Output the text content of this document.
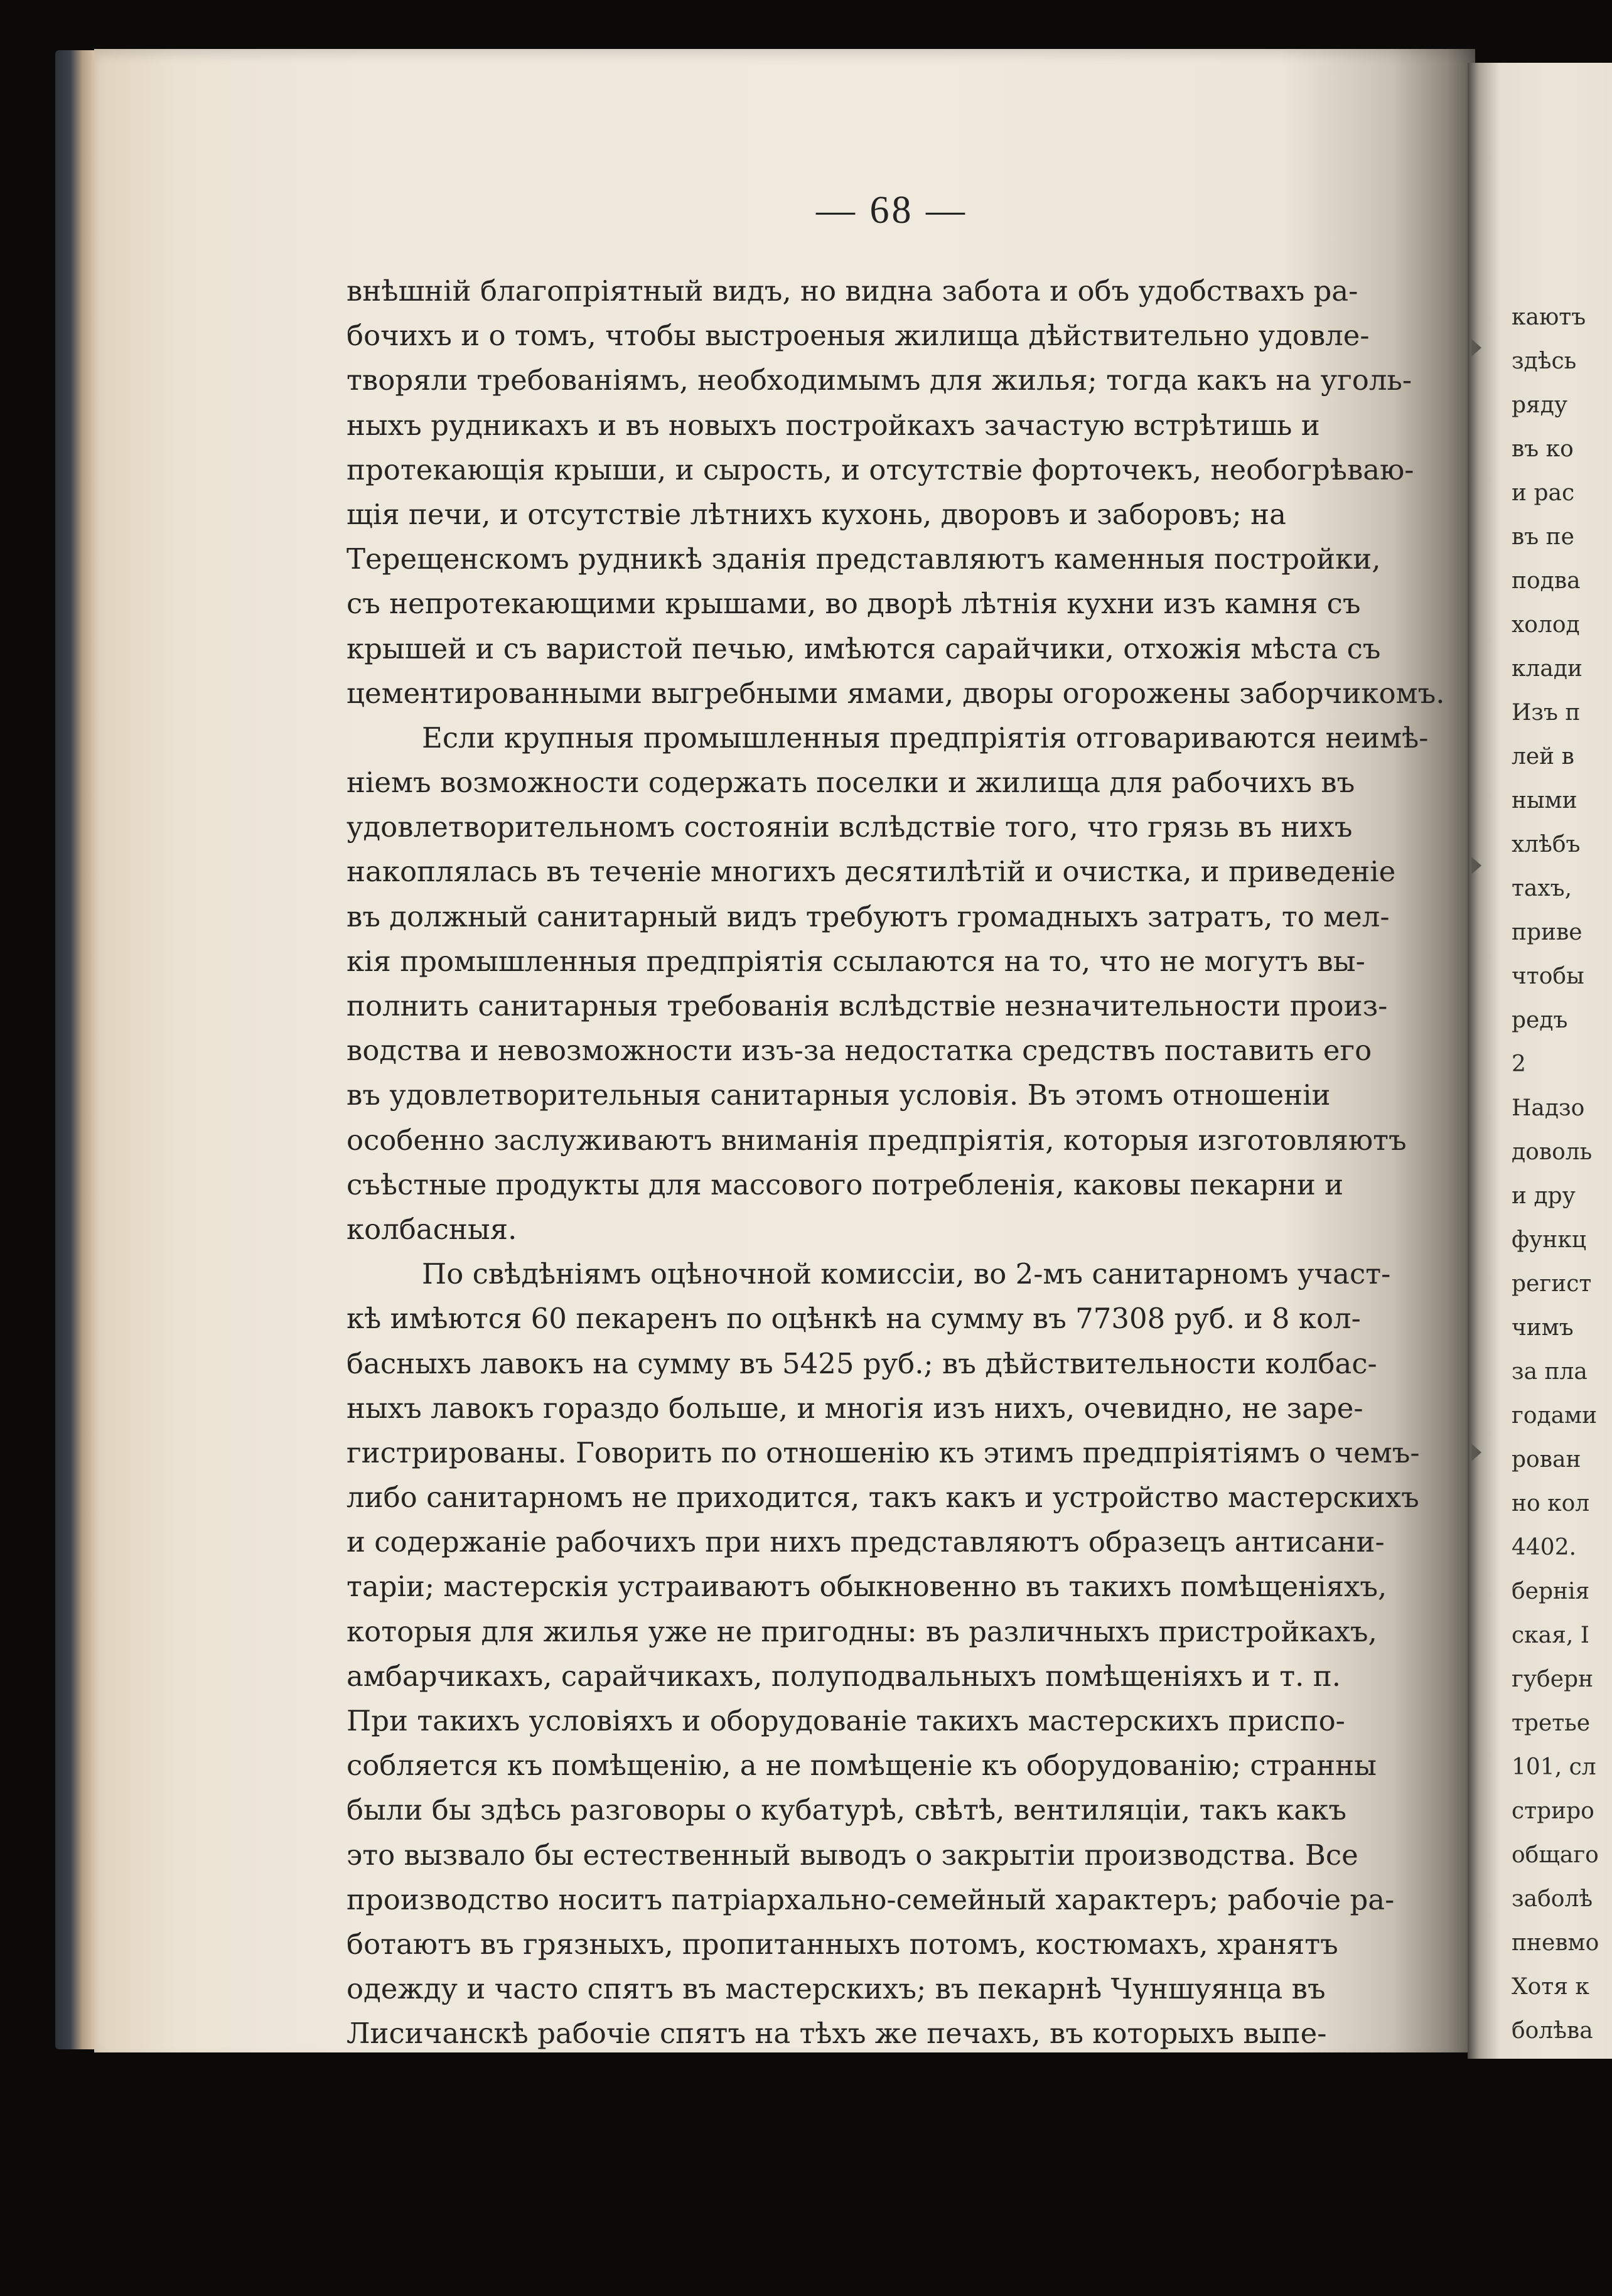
каютъ
здѣсь
ряду
въ ко
и рас
въ пе
подва
холод
клади
Изъ п
лей в
ными
хлѣбъ
тахъ,
приве
чтобы
редъ
2
Надзо
доволь
и дру
функц
регист
чимъ
за пла
годами
рован
но кол
4402.
бернія
ская, I
губерн
третье
101, сл
стриро
общаго
заболѣ
пневмо
Хотя к
болѣва
— 68 —
внѣшній благопріятный видъ, но видна забота и объ удобствахъ ра-
бочихъ и о томъ, чтобы выстроеныя жилища дѣйствительно удовле-
творяли требованіямъ, необходимымъ для жилья; тогда какъ на уголь-
ныхъ рудникахъ и въ новыхъ постройкахъ зачастую встрѣтишь и
протекающія крыши, и сырость, и отсутствіе форточекъ, необогрѣваю-
щія печи, и отсутствіе лѣтнихъ кухонь, дворовъ и заборовъ; на
Терещенскомъ рудникѣ зданія представляютъ каменныя постройки,
съ непротекающими крышами, во дворѣ лѣтнія кухни изъ камня съ
крышей и съ варистой печью, имѣются сарайчики, отхожія мѣста съ
цементированными выгребными ямами, дворы огорожены заборчикомъ.
Если крупныя промышленныя предпріятія отговариваются неимѣ-
ніемъ возможности содержать поселки и жилища для рабочихъ въ
удовлетворительномъ состояніи вслѣдствіе того, что грязь въ нихъ
накоплялась въ теченіе многихъ десятилѣтій и очистка, и приведеніе
въ должный санитарный видъ требуютъ громадныхъ затратъ, то мел-
кія промышленныя предпріятія ссылаются на то, что не могутъ вы-
полнить санитарныя требованія вслѣдствіе незначительности произ-
водства и невозможности изъ-за недостатка средствъ поставить его
въ удовлетворительныя санитарныя условія. Въ этомъ отношеніи
особенно заслуживаютъ вниманія предпріятія, которыя изготовляютъ
съѣстные продукты для массового потребленія, каковы пекарни и
колбасныя.
По свѣдѣніямъ оцѣночной комиссіи, во 2-мъ санитарномъ участ-
кѣ имѣются 60 пекаренъ по оцѣнкѣ на сумму въ 77308 руб. и 8 кол-
басныхъ лавокъ на сумму въ 5425 руб.; въ дѣйствительности колбас-
ныхъ лавокъ гораздо больше, и многія изъ нихъ, очевидно, не заре-
гистрированы. Говорить по отношенію къ этимъ предпріятіямъ о чемъ-
либо санитарномъ не приходится, такъ какъ и устройство мастерскихъ
и содержаніе рабочихъ при нихъ представляютъ образецъ антисани-
таріи; мастерскія устраиваютъ обыкновенно въ такихъ помѣщеніяхъ,
которыя для жилья уже не пригодны: въ различныхъ пристройкахъ,
амбарчикахъ, сарайчикахъ, полуподвальныхъ помѣщеніяхъ и т. п.
При такихъ условіяхъ и оборудованіе такихъ мастерскихъ приспо-
собляется къ помѣщенію, а не помѣщеніе къ оборудованію; странны
были бы здѣсь разговоры о кубатурѣ, свѣтѣ, вентиляціи, такъ какъ
это вызвало бы естественный выводъ о закрытіи производства. Все
производство носитъ патріархально-семейный характеръ; рабочіе ра-
ботаютъ въ грязныхъ, пропитанныхъ потомъ, костюмахъ, хранятъ
одежду и часто спятъ въ мастерскихъ; въ пекарнѣ Чуншуянца въ
Лисичанскѣ рабочіе спятъ на тѣхъ же печахъ, въ которыхъ выпе-
